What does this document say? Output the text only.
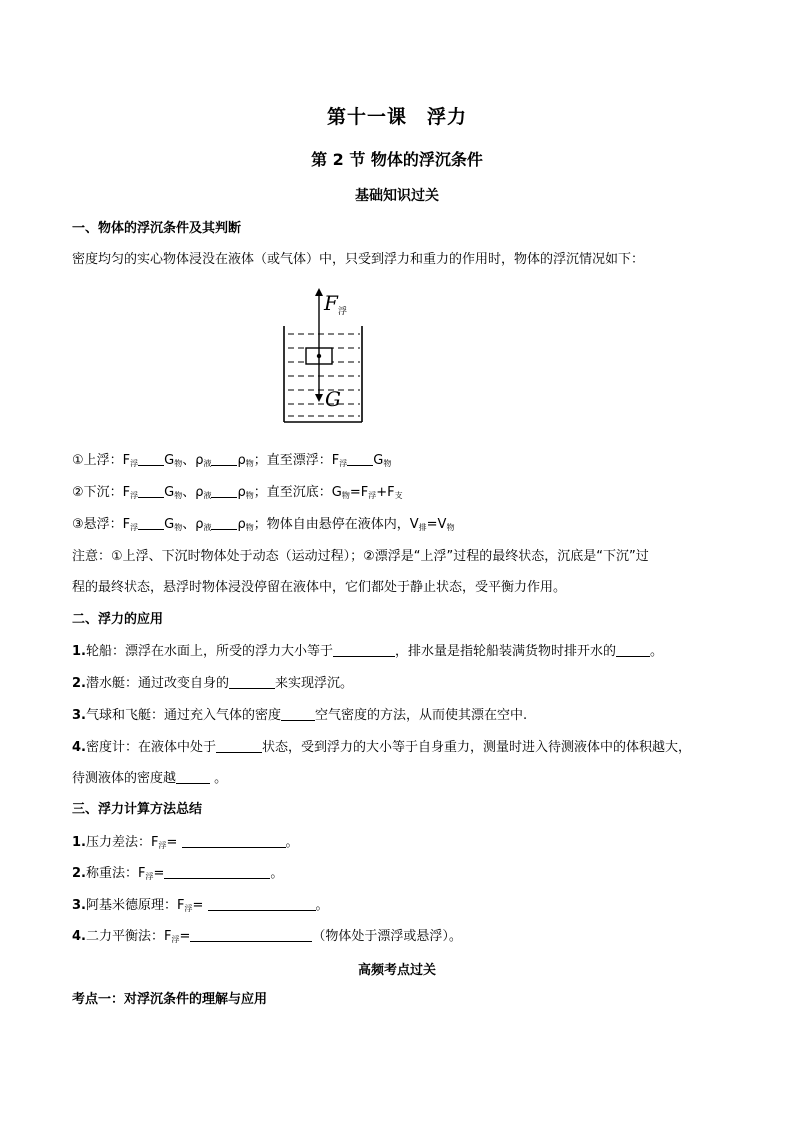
第十一课　浮力
第 2 节 物体的浮沉条件
基础知识过关
一、物体的浮沉条件及其判断
密度均匀的实心物体浸没在液体（或气体）中，只受到浮力和重力的作用时，物体的浮沉情况如下：
F 浮
G
①上浮：$F_浮$ $G_物$、$\rho_液$ $\rho_物$；直至漂浮：$F_浮$ $G_物$
②下沉：$F_浮$ $G_物$、$\rho_液$ $\rho_物$；直至沉底：$G_物=F_浮+F_支$
③悬浮：$F_浮$ $G_物$、$\rho_液$ $\rho_物$；物体自由悬停在液体内，$V_排=V_物$
注意：①上浮、下沉时物体处于动态（运动过程）；②漂浮是“上浮”过程的最终状态，沉底是“下沉”过
程的最终状态，悬浮时物体浸没停留在液体中，它们都处于静止状态，受平衡力作用。
二、浮力的应用
1.轮船：漂浮在水面上，所受的浮力大小等于	，排水量是指轮船装满货物时排开水的	。
2.潜水艇：通过改变自身的	来实现浮沉。
3.气球和飞艇：通过充入气体的密度	空气密度的方法，从而使其漂在空中.
4.密度计：在液体中处于	状态，受到浮力的大小等于自身重力，测量时进入待测液体中的体积越大，
待测液体的密度越	。
三、浮力计算方法总结
1.压力差法：$F_浮=$	。
2.称重法：$F_浮=$	。
3.阿基米德原理：$F_浮=$	。
4.二力平衡法：$F_浮=$	（物体处于漂浮或悬浮）。
高频考点过关
考点一：对浮沉条件的理解与应用
